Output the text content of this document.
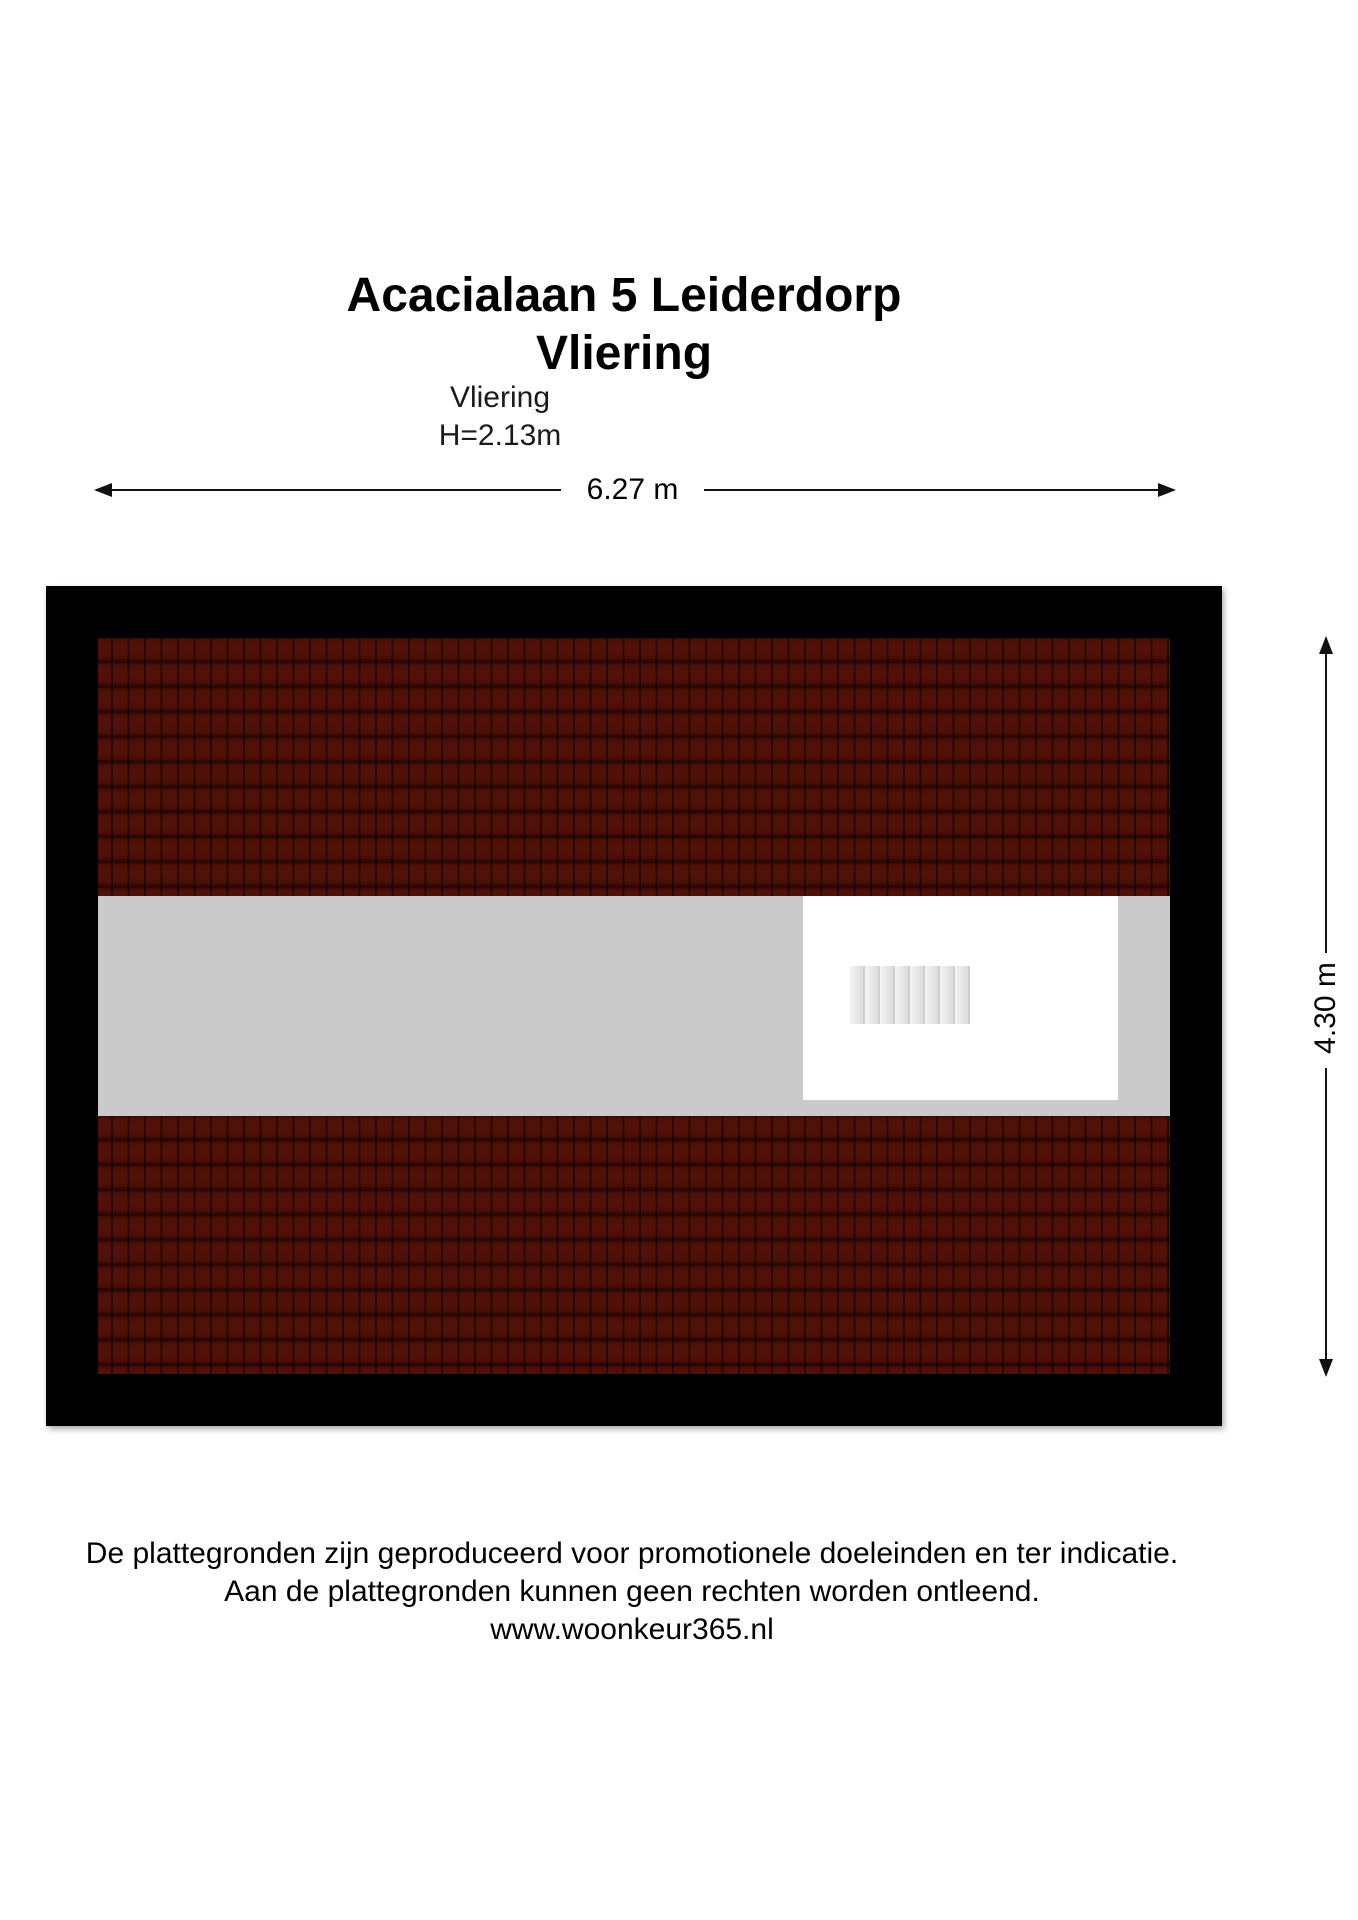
Acacialaan 5 Leiderdorp
Vliering
6.27 m
Vliering
H=2.13m
4.30 m

De plattegronden zijn geproduceerd voor promotionele doeleinden en ter indicatie.

Aan de plattegronden kunnen geen rechten worden ontleend.

www.woonkeur365.nl
